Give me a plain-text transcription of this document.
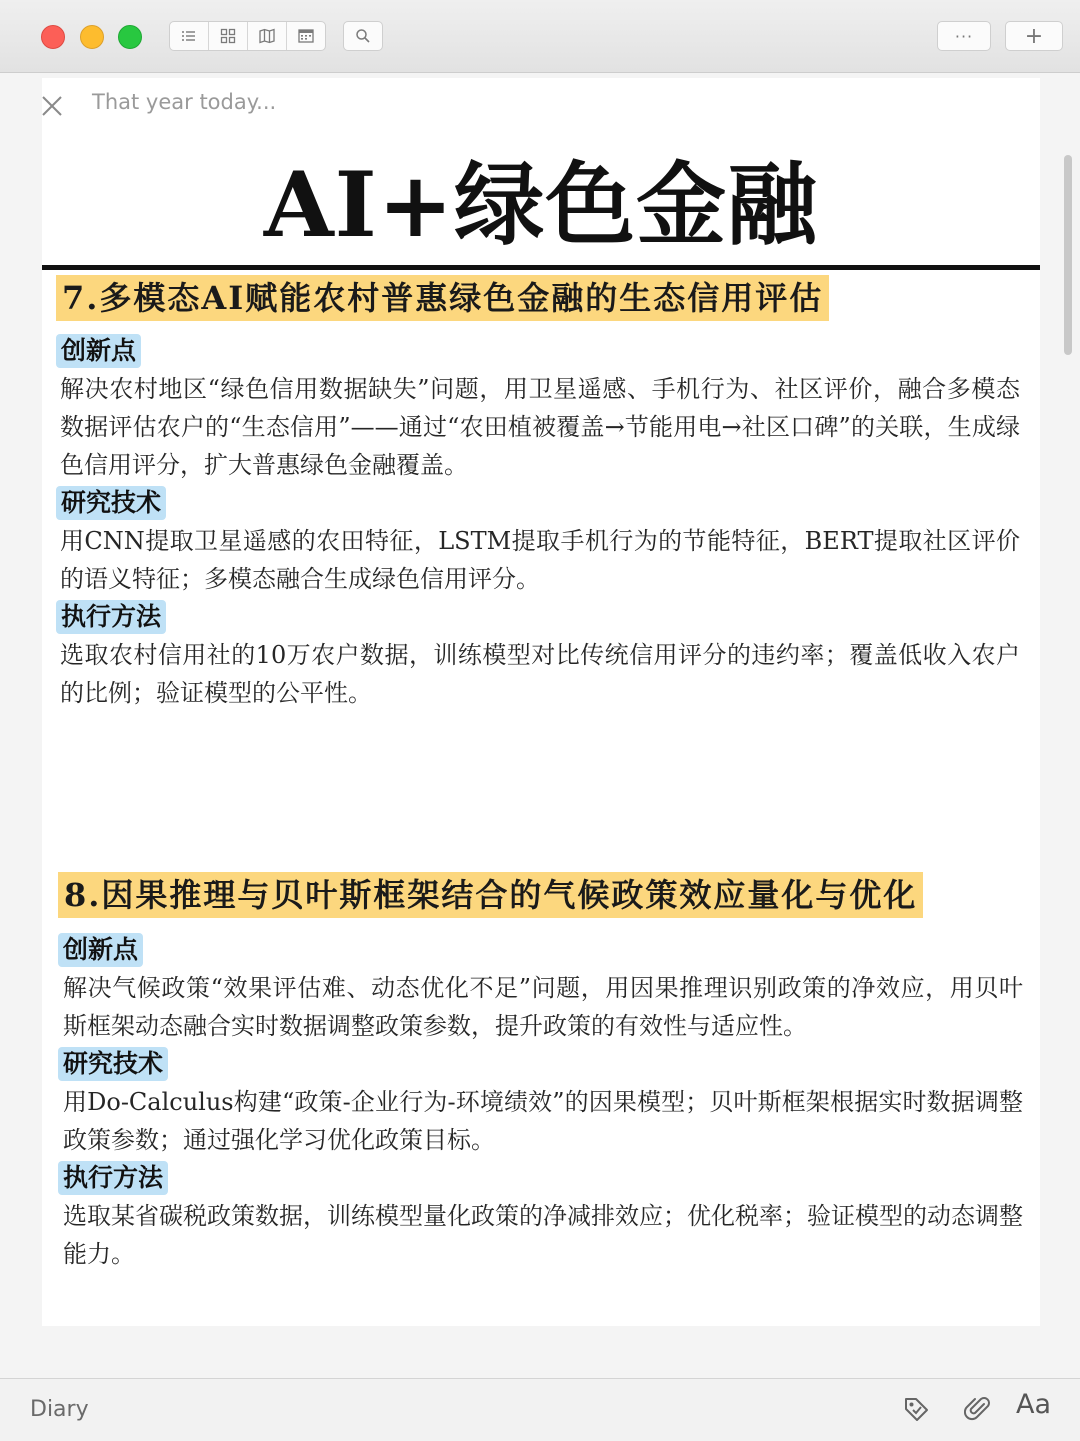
··· +
That year today...
AI+绿色金融
7.多模态AI赋能农村普惠绿色金融的生态信用评估
创新点

解决农村地区“绿色信用数据缺失”问题，用卫星遥感、手机行为、社区评价，融合多模态数据评估农户的“生态信用”——通过“农田植被覆盖→节能用电→社区口碑”的关联，生成绿色信用评分，扩大普惠绿色金融覆盖。

研究技术

用CNN提取卫星遥感的农田特征，LSTM提取手机行为的节能特征，BERT提取社区评价的语义特征；多模态融合生成绿色信用评分。

执行方法

选取农村信用社的10万农户数据，训练模型对比传统信用评分的违约率；覆盖低收入农户的比例；验证模型的公平性。

8.因果推理与贝叶斯框架结合的气候政策效应量化与优化
创新点

解决气候政策“效果评估难、动态优化不足”问题，用因果推理识别政策的净效应，用贝叶斯框架动态融合实时数据调整政策参数，提升政策的有效性与适应性。

研究技术

用Do-Calculus构建“政策-企业行为-环境绩效”的因果模型；贝叶斯框架根据实时数据调整政策参数；通过强化学习优化政策目标。

执行方法

选取某省碳税政策数据，训练模型量化政策的净减排效应；优化税率；验证模型的动态调整能力。

Diary	Aa
